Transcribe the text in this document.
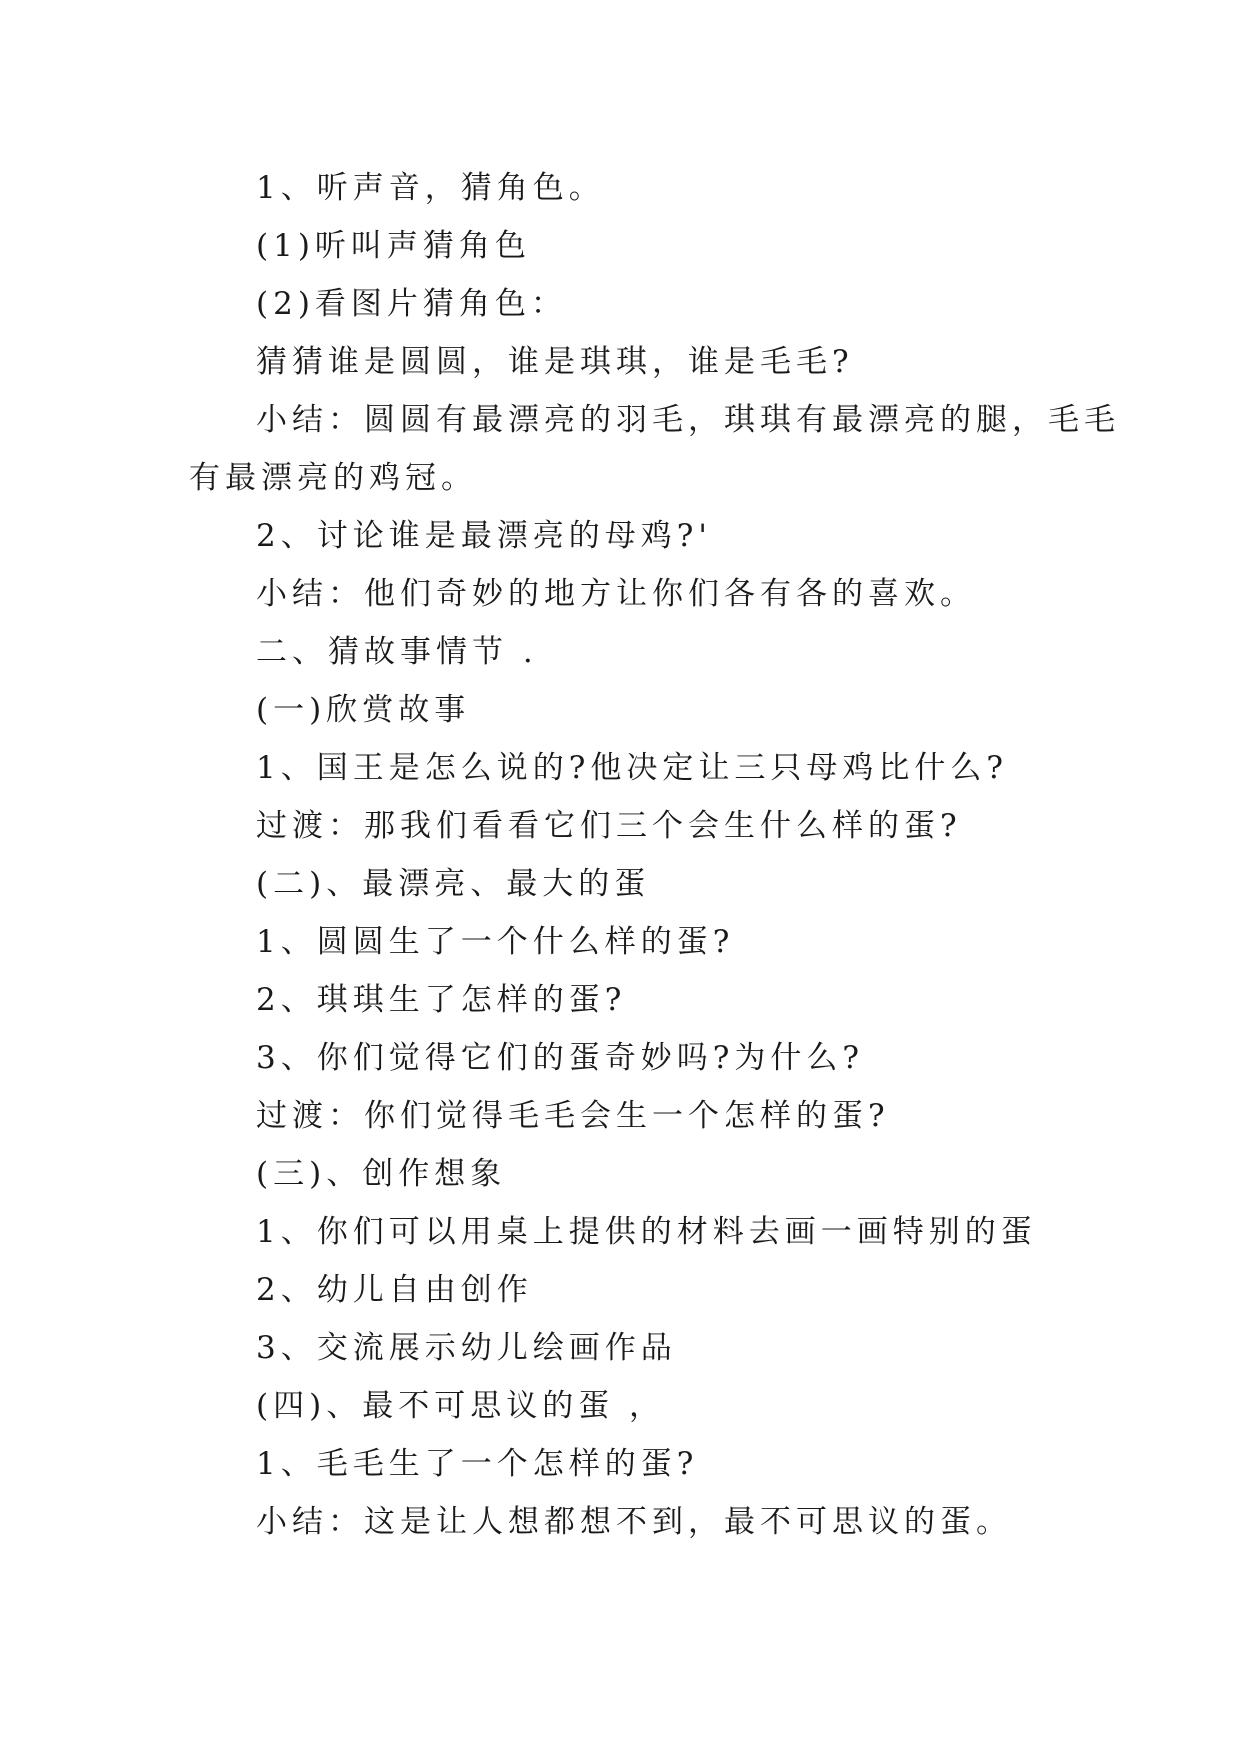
1、听声音，猜角色。
(1)听叫声猜角色
(2)看图片猜角色：
猜猜谁是圆圆，谁是琪琪，谁是毛毛?
小结：圆圆有最漂亮的羽毛，琪琪有最漂亮的腿，毛毛
有最漂亮的鸡冠。
2、讨论谁是最漂亮的母鸡?'
小结：他们奇妙的地方让你们各有各的喜欢。
二、猜故事情节 .
(一)欣赏故事
1、国王是怎么说的?他决定让三只母鸡比什么?
过渡：那我们看看它们三个会生什么样的蛋?
(二)、最漂亮、最大的蛋
1、圆圆生了一个什么样的蛋?
2、琪琪生了怎样的蛋?
3、你们觉得它们的蛋奇妙吗?为什么?
过渡：你们觉得毛毛会生一个怎样的蛋?
(三)、创作想象
1、你们可以用桌上提供的材料去画一画特别的蛋
2、幼儿自由创作
3、交流展示幼儿绘画作品
(四)、最不可思议的蛋 ，
1、毛毛生了一个怎样的蛋?
小结：这是让人想都想不到，最不可思议的蛋。
